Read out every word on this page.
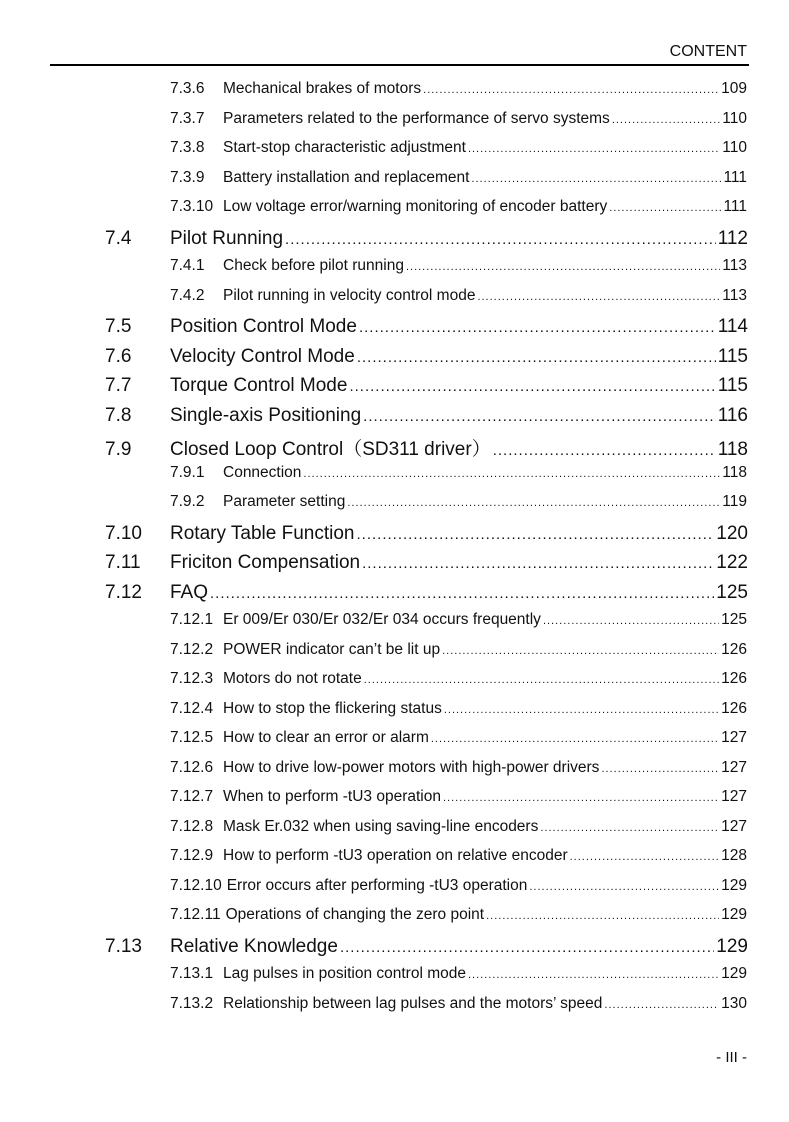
CONTENT
7.3.6	Mechanical brakes of motors .....	109
7.3.7	Parameters related to the performance of servo systems .....	110
7.3.8	Start-stop characteristic adjustment .....	110
7.3.9	Battery installation and replacement .....	111
7.3.10 Low voltage error/warning monitoring of encoder battery .....	111
7.4	Pilot Running .....	112
7.4.1	Check before pilot running .....	113
7.4.2	Pilot running in velocity control mode .....	113
7.5	Position Control Mode .....	114
7.6	Velocity Control Mode .....	115
7.7	Torque Control Mode .....	115
7.8	Single-axis Positioning .....	116
7.9	Closed Loop Control（SD311 driver） .....	118
7.9.1	Connection .....	118
7.9.2	Parameter setting .....	119
7.10	Rotary Table Function .....	120
7.11	Friciton Compensation .....	122
7.12	FAQ .....	125
7.12.1 Er 009/Er 030/Er 032/Er 034 occurs frequently .....	125
7.12.2 POWER indicator can’t be lit up .....	126
7.12.3 Motors do not rotate .....	126
7.12.4 How to stop the flickering status .....	126
7.12.5 How to clear an error or alarm .....	127
7.12.6 How to drive low-power motors with high-power drivers .....	127
7.12.7 When to perform -tU3 operation .....	127
7.12.8 Mask Er.032 when using saving-line encoders .....	127
7.12.9 How to perform -tU3 operation on relative encoder .....	128
7.12.10 Error occurs after performing -tU3 operation .....	129
7.12.11 Operations of changing the zero point .....	129
7.13	Relative Knowledge .....	129
7.13.1 Lag pulses in position control mode .....	129
7.13.2 Relationship between lag pulses and the motors’ speed .....	130
- III -
